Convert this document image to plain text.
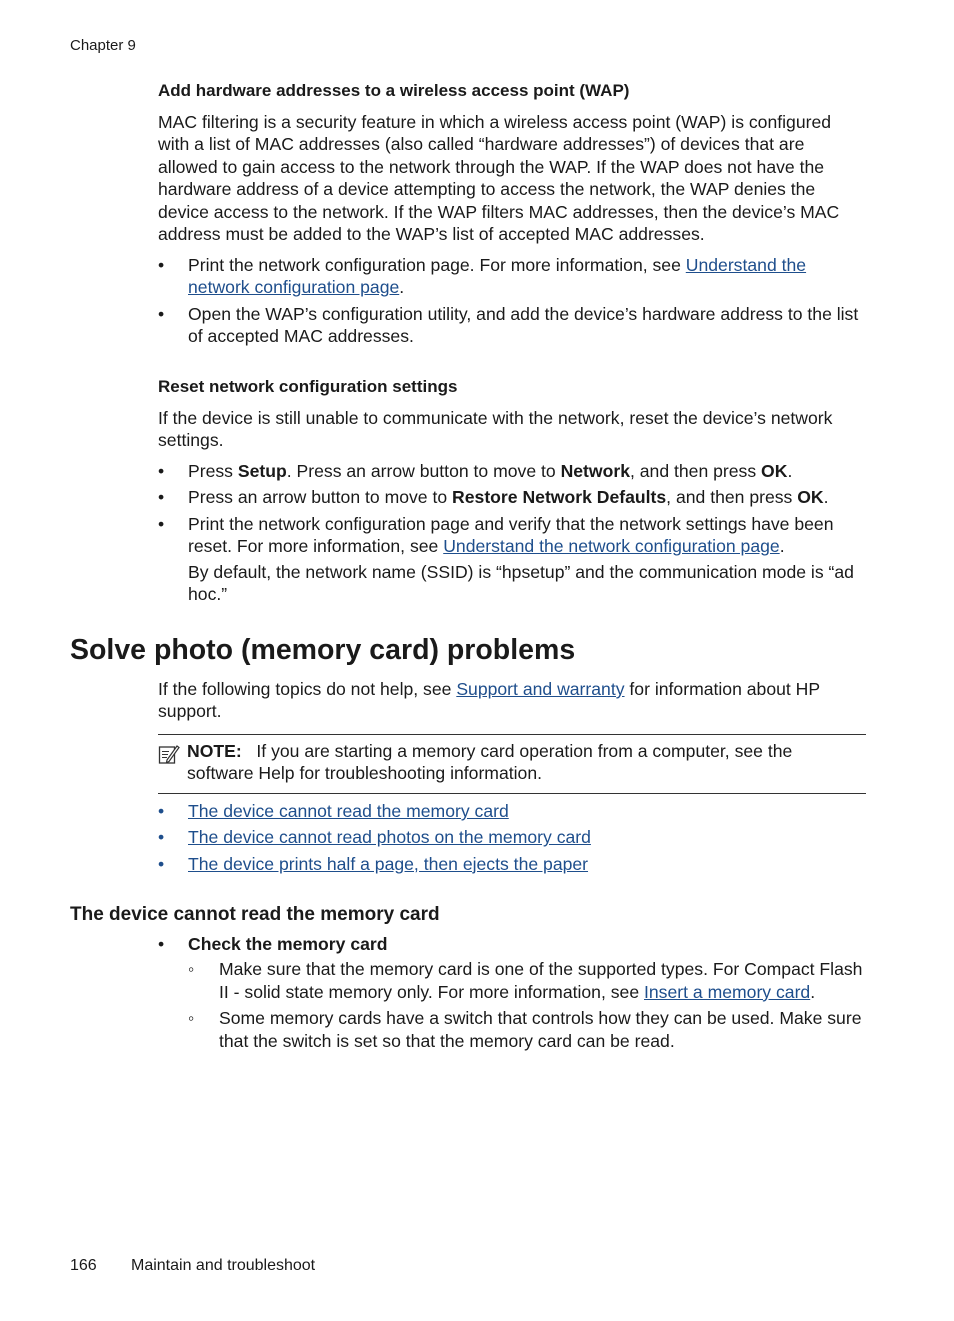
Chapter 9
Add hardware addresses to a wireless access point (WAP)

MAC filtering is a security feature in which a wireless access point (WAP) is configured with a list of MAC addresses (also called “hardware addresses”) of devices that are allowed to gain access to the network through the WAP. If the WAP does not have the hardware address of a device attempting to access the network, the WAP denies the device access to the network. If the WAP filters MAC addresses, then the device’s MAC address must be added to the WAP’s list of accepted MAC addresses.

•	Print the network configuration page. For more information, see Understand the network configuration page.
•	Open the WAP’s configuration utility, and add the device’s hardware address to the list of accepted MAC addresses.
Reset network configuration settings

If the device is still unable to communicate with the network, reset the device’s network settings.

•	Press Setup. Press an arrow button to move to Network, and then press OK.
•	Press an arrow button to move to Restore Network Defaults, and then press OK.
•	Print the network configuration page and verify that the network settings have been reset. For more information, see Understand the network configuration page.
By default, the network name (SSID) is “hpsetup” and the communication mode is “ad hoc.”
Solve photo (memory card) problems

If the following topics do not help, see Support and warranty for information about HP support.

NOTE: If you are starting a memory card operation from a computer, see the software Help for troubleshooting information.
•	The device cannot read the memory card
•	The device cannot read photos on the memory card
•	The device prints half a page, then ejects the paper
The device cannot read the memory card
•	Check the memory card
◦	Make sure that the memory card is one of the supported types. For Compact Flash II - solid state memory only. For more information, see Insert a memory card.
◦	Some memory cards have a switch that controls how they can be used. Make sure that the switch is set so that the memory card can be read.
166 Maintain and troubleshoot
